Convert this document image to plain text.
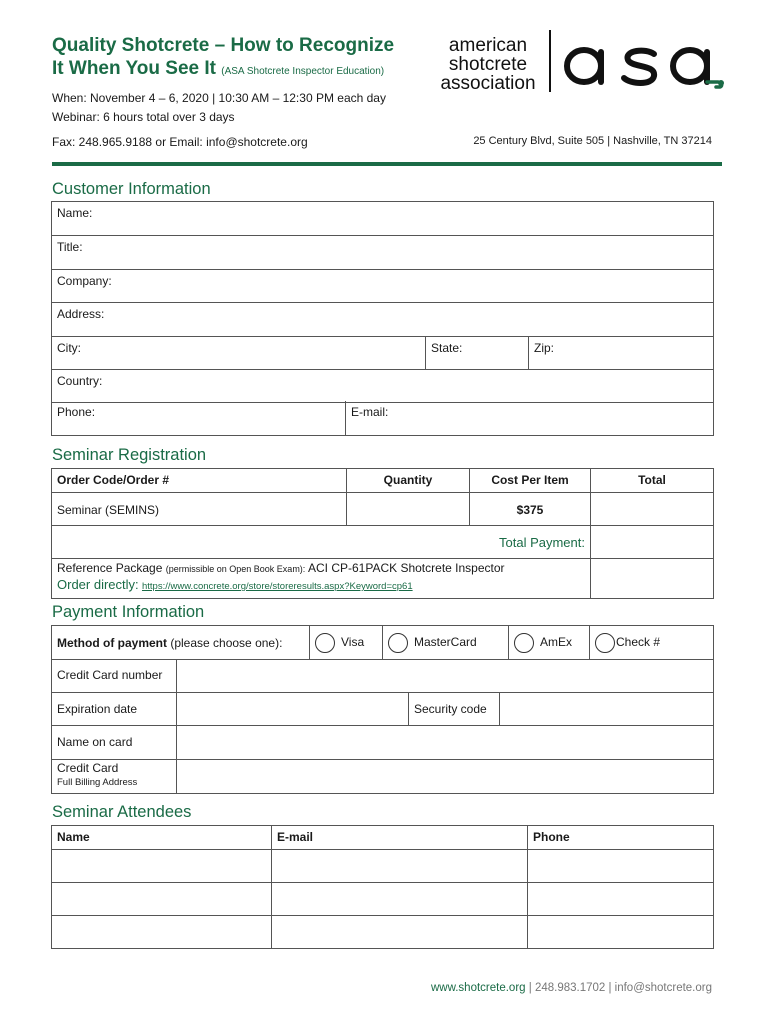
Quality Shotcrete – How to Recognize
It When You See It (ASA Shotcrete Inspector Education)
When: November 4 – 6, 2020 | 10:30 AM – 12:30 PM each day
Webinar: 6 hours total over 3 days
Fax: 248.965.9188 or Email: info@shotcrete.org	25 Century Blvd, Suite 505 | Nashville, TN 37214
american
shotcrete
association
Customer Information
Name:
Title:
Company:
Address:
City:	State:	Zip:
Country:
Phone:	E-mail:
Seminar Registration
Order Code/Order #	Quantity	Cost Per Item	Total
Seminar (SEMINS)		$375	
Total Payment:			
Reference Package (permissible on Open Book Exam): ACI CP-61PACK Shotcrete Inspector
Order directly: https://www.concrete.org/store/storeresults.aspx?Keyword=cp61			
Payment Information
Method of payment (please choose one):	Visa	MasterCard	AmEx	Check #
Credit Card number			
Expiration date		Security code	
Name on card			
Credit Card
Full Billing Address			
Seminar Attendees
Name	E-mail	Phone

www.shotcrete.org | 248.983.1702 | info@shotcrete.org
